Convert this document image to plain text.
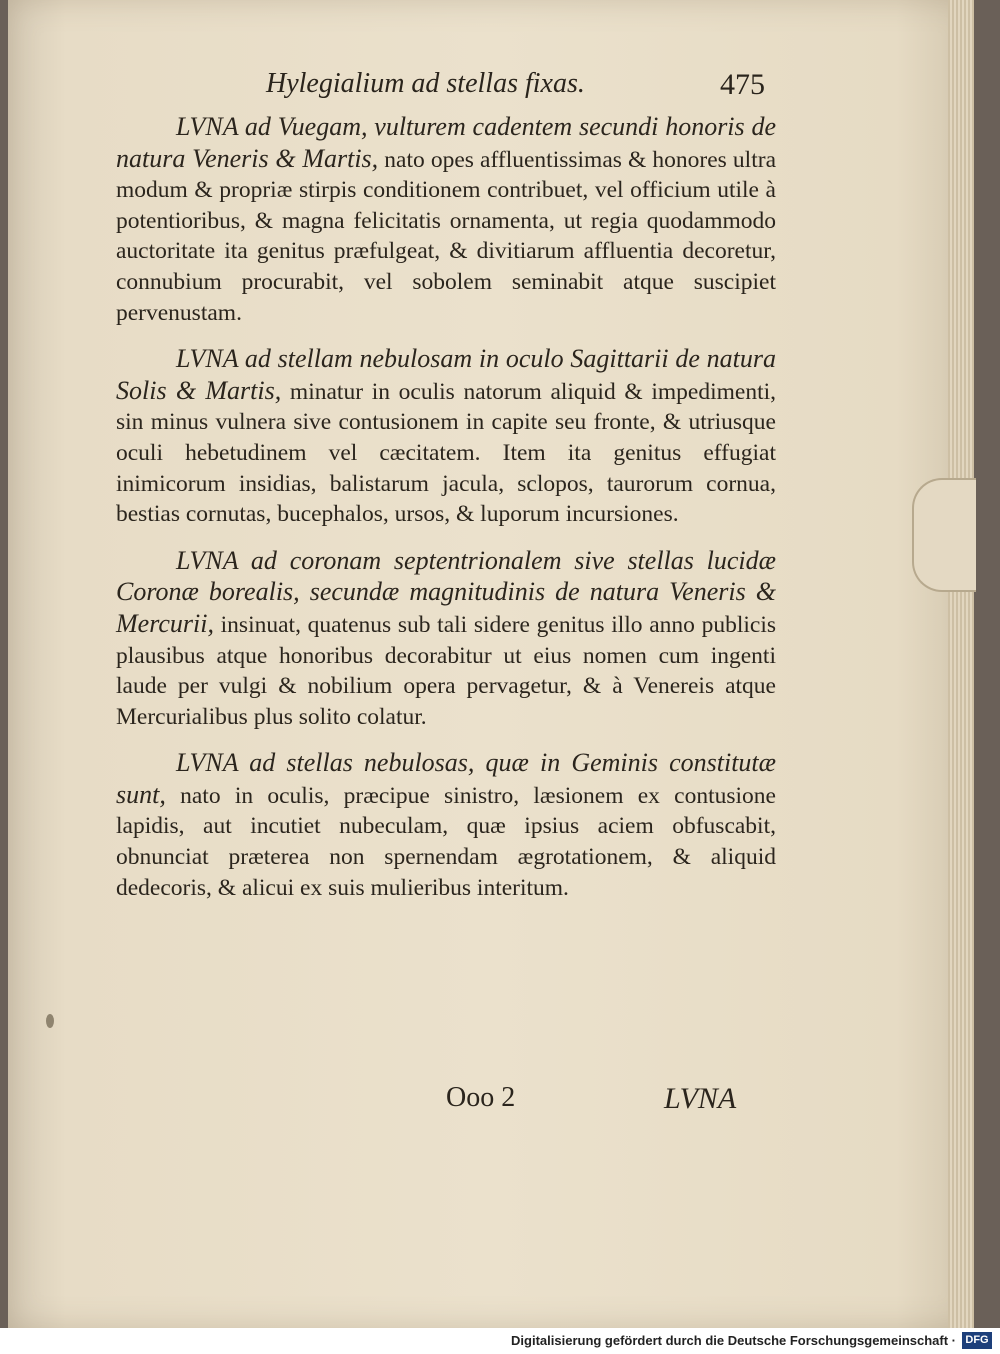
Hylegialium ad stellas fixas.	475

LVNA ad Vuegam, vulturem cadentem secundi honoris de natura Veneris & Martis, nato opes affluentissimas & honores ultra modum & propriæ stirpis conditionem contribuet, vel officium utile à potentioribus, & magna felicitatis ornamenta, ut regia quodammodo auctoritate ita genitus præfulgeat, & divitiarum affluentia decoretur, connubium procurabit, vel sobolem seminabit atque suscipiet pervenustam.

LVNA ad stellam nebulosam in oculo Sagittarii de natura Solis & Martis, minatur in oculis natorum aliquid & impedimenti, sin minus vulnera sive contusionem in capite seu fronte, & utriusque oculi hebetudinem vel cæcitatem. Item ita genitus effugiat inimicorum insidias, balistarum jacula, sclopos, taurorum cornua, bestias cornutas, bucephalos, ursos, & luporum incursiones.

LVNA ad coronam septentrionalem sive stellas lucidæ Coronæ borealis, secundæ magnitudinis de natura Veneris & Mercurii, insinuat, quatenus sub tali sidere genitus illo anno publicis plausibus atque honoribus decorabitur ut eius nomen cum ingenti laude per vulgi & nobilium opera pervagetur, & à Venereis atque Mercurialibus plus solito colatur.

LVNA ad stellas nebulosas, quæ in Geminis constitutæ sunt, nato in oculis, præcipue sinistro, læsionem ex contusione lapidis, aut incutiet nubeculam, quæ ipsius aciem obfuscabit, obnunciat præterea non spernendam ægrotationem, & aliquid dedecoris, & alicui ex suis mulieribus interitum.

Ooo 2	LVNA
Digitalisierung gefördert durch die Deutsche Forschungsgemeinschaft · DFG
